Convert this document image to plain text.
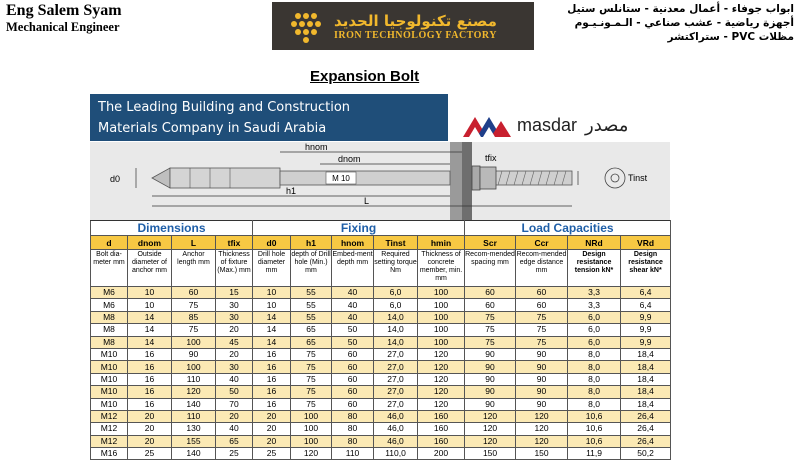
Eng Salem Syam
Mechanical Engineer	مصنع تكنولوجيا الحديد
IRON TECHNOLOGY FACTORY
ابواب جوفاء - أعمال معدنية - ستانلس ستيل
أجهزة رياضية - عشب صناعي - الـمـونـيـوم
مظلات PVC - ستراكتشر
Expansion Bolt
The Leading Building and Construction
Materials Company in Saudi Arabia	masdar مصدر
M 10
hnom
dnom	tfix
h1
L
d0	Tinst
Dimensions				Fixing					Load Capacities			
d	dnom	L	tfix	d0	h1	hnom	Tinst	hmin	Scr	Ccr	NRd	VRd
Bolt dia-meter mm	Outside diameter of anchor mm	Anchor length mm	Thickness of fixture (Max.) mm	Drill hole diameter mm	depth of Drill hole (Min.) mm	Embed-ment depth mm	Required setting torque Nm	Thickness of concrete member, min. mm	Recom-mended spacing mm	Recom-mended edge distance mm	Design resistance tension kN*	Design resistance shear kN*
M6	10	60	15	10	55	40	6,0	100	60	60	3,3	6,4
M6	10	75	30	10	55	40	6,0	100	60	60	3,3	6,4
M8	14	85	30	14	55	40	14,0	100	75	75	6,0	9,9
M8	14	75	20	14	65	50	14,0	100	75	75	6,0	9,9
M8	14	100	45	14	65	50	14,0	100	75	75	6,0	9,9
M10	16	90	20	16	75	60	27,0	120	90	90	8,0	18,4
M10	16	100	30	16	75	60	27,0	120	90	90	8,0	18,4
M10	16	110	40	16	75	60	27,0	120	90	90	8,0	18,4
M10	16	120	50	16	75	60	27,0	120	90	90	8,0	18,4
M10	16	140	70	16	75	60	27,0	120	90	90	8,0	18,4
M12	20	110	20	20	100	80	46,0	160	120	120	10,6	26,4
M12	20	130	40	20	100	80	46,0	160	120	120	10,6	26,4
M12	20	155	65	20	100	80	46,0	160	120	120	10,6	26,4
M16	25	140	25	25	120	110	110,0	200	150	150	11,9	50,2
